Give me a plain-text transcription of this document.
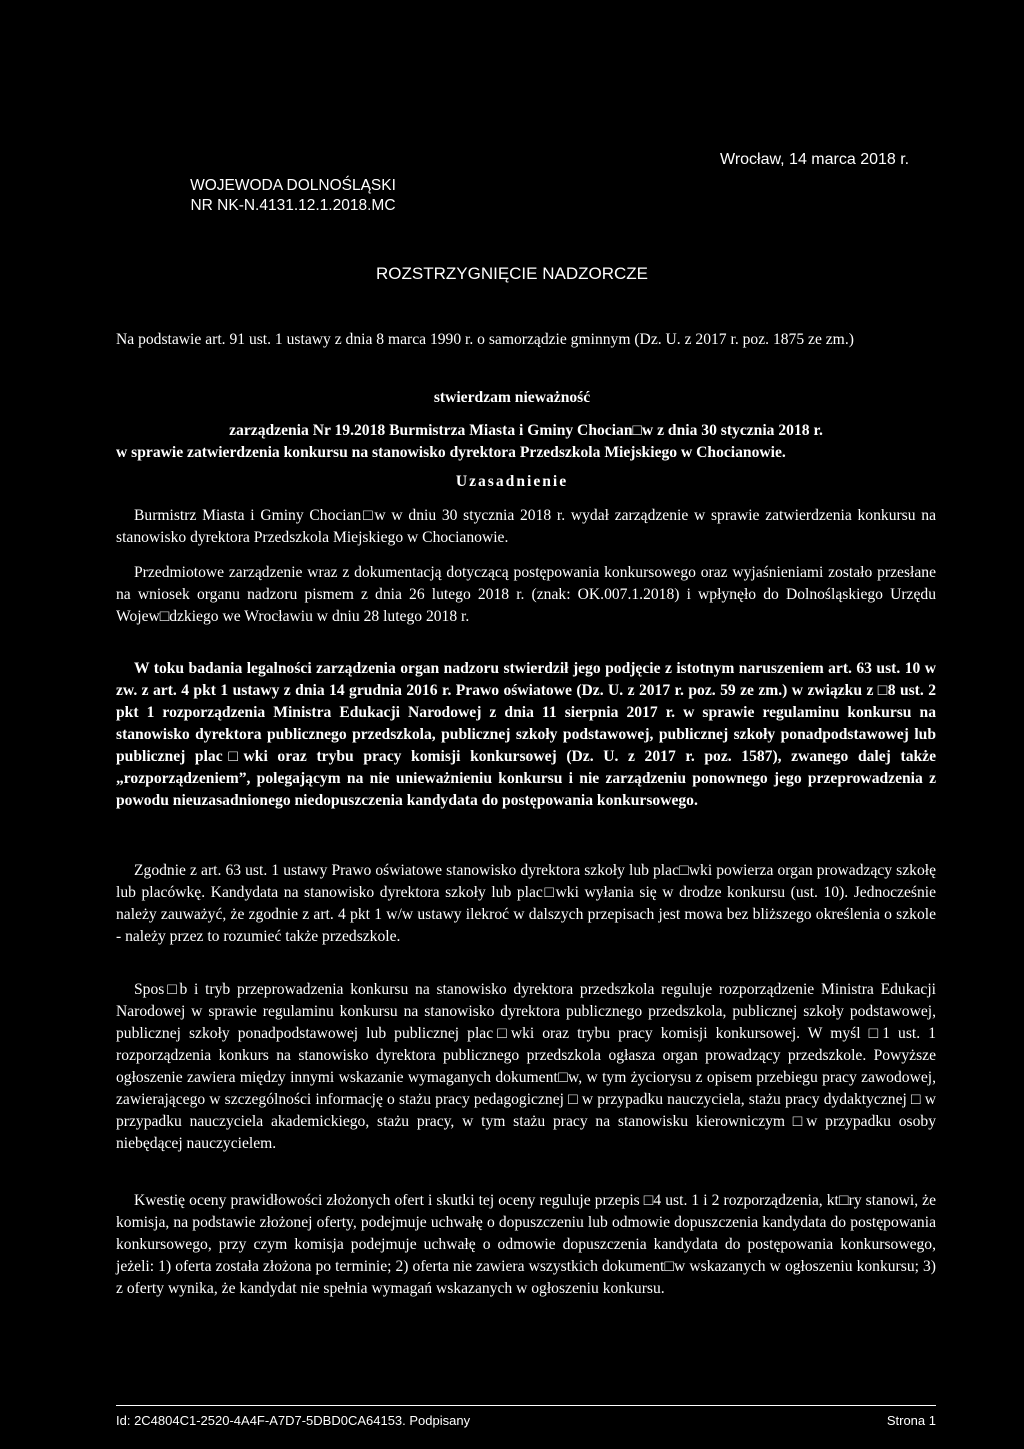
WOJEWODA DOLNOŚLĄSKI
NR NK-N.4131.12.1.2018.MC
Wrocław, 14 marca 2018 r.
ROZSTRZYGNIĘCIE NADZORCZE
Na podstawie art. 91 ust. 1 ustawy z dnia 8 marca 1990 r. o samorządzie gminnym (Dz. U. z 2017 r. poz. 1875 ze zm.)
stwierdzam nieważność
zarządzenia Nr 19.2018 Burmistrza Miasta i Gminy Chocian□w z dnia 30 stycznia 2018 r.
w sprawie zatwierdzenia konkursu na stanowisko dyrektora Przedszkola Miejskiego w Chocianowie.
Uzasadnienie
Burmistrz Miasta i Gminy Chocian□w w dniu 30 stycznia 2018 r. wydał zarządzenie w sprawie zatwierdzenia konkursu na stanowisko dyrektora Przedszkola Miejskiego w Chocianowie.
Przedmiotowe zarządzenie wraz z dokumentacją dotyczącą postępowania konkursowego oraz wyjaśnieniami zostało przesłane na wniosek organu nadzoru pismem z dnia 26 lutego 2018 r. (znak: OK.007.1.2018) i wpłynęło do Dolnośląskiego Urzędu Wojew□dzkiego we Wrocławiu w dniu 28 lutego 2018 r.
W toku badania legalności zarządzenia organ nadzoru stwierdził jego podjęcie z istotnym naruszeniem art. 63 ust. 10 w zw. z art. 4 pkt 1 ustawy z dnia 14 grudnia 2016 r. Prawo oświatowe (Dz. U. z 2017 r. poz. 59 ze zm.) w związku z □8 ust. 2 pkt 1 rozporządzenia Ministra Edukacji Narodowej z dnia 11 sierpnia 2017 r. w sprawie regulaminu konkursu na stanowisko dyrektora publicznego przedszkola, publicznej szkoły podstawowej, publicznej szkoły ponadpodstawowej lub publicznej plac□wki oraz trybu pracy komisji konkursowej (Dz. U. z 2017 r. poz. 1587), zwanego dalej także „rozporządzeniem”, polegającym na nie unieważnieniu konkursu i nie zarządzeniu ponownego jego przeprowadzenia z powodu nieuzasadnionego niedopuszczenia kandydata do postępowania konkursowego.
Zgodnie z art. 63 ust. 1 ustawy Prawo oświatowe stanowisko dyrektora szkoły lub plac□wki powierza organ prowadzący szkołę lub placówkę. Kandydata na stanowisko dyrektora szkoły lub plac□wki wyłania się w drodze konkursu (ust. 10). Jednocześnie należy zauważyć, że zgodnie z art. 4 pkt 1 w/w ustawy ilekroć w dalszych przepisach jest mowa bez bliższego określenia o szkole - należy przez to rozumieć także przedszkole.
Spos□b i tryb przeprowadzenia konkursu na stanowisko dyrektora przedszkola reguluje rozporządzenie Ministra Edukacji Narodowej w sprawie regulaminu konkursu na stanowisko dyrektora publicznego przedszkola, publicznej szkoły podstawowej, publicznej szkoły ponadpodstawowej lub publicznej plac□wki oraz trybu pracy komisji konkursowej. W myśl □1 ust. 1 rozporządzenia konkurs na stanowisko dyrektora publicznego przedszkola ogłasza organ prowadzący przedszkole. Powyższe ogłoszenie zawiera między innymi wskazanie wymaganych dokument□w, w tym życiorysu z opisem przebiegu pracy zawodowej, zawierającego w szczególności informację o stażu pracy pedagogicznej □ w przypadku nauczyciela, stażu pracy dydaktycznej □ w przypadku nauczyciela akademickiego, stażu pracy, w tym stażu pracy na stanowisku kierowniczym □w przypadku osoby niebędącej nauczycielem.
Kwestię oceny prawidłowości złożonych ofert i skutki tej oceny reguluje przepis □4 ust. 1 i 2 rozporządzenia, kt□ry stanowi, że komisja, na podstawie złożonej oferty, podejmuje uchwałę o dopuszczeniu lub odmowie dopuszczenia kandydata do postępowania konkursowego, przy czym komisja podejmuje uchwałę o odmowie dopuszczenia kandydata do postępowania konkursowego, jeżeli: 1) oferta została złożona po terminie; 2) oferta nie zawiera wszystkich dokument□w wskazanych w ogłoszeniu konkursu; 3) z oferty wynika, że kandydat nie spełnia wymagań wskazanych w ogłoszeniu konkursu.
Id: 2C4804C1-2520-4A4F-A7D7-5DBD0CA64153. Podpisany	Strona 1
